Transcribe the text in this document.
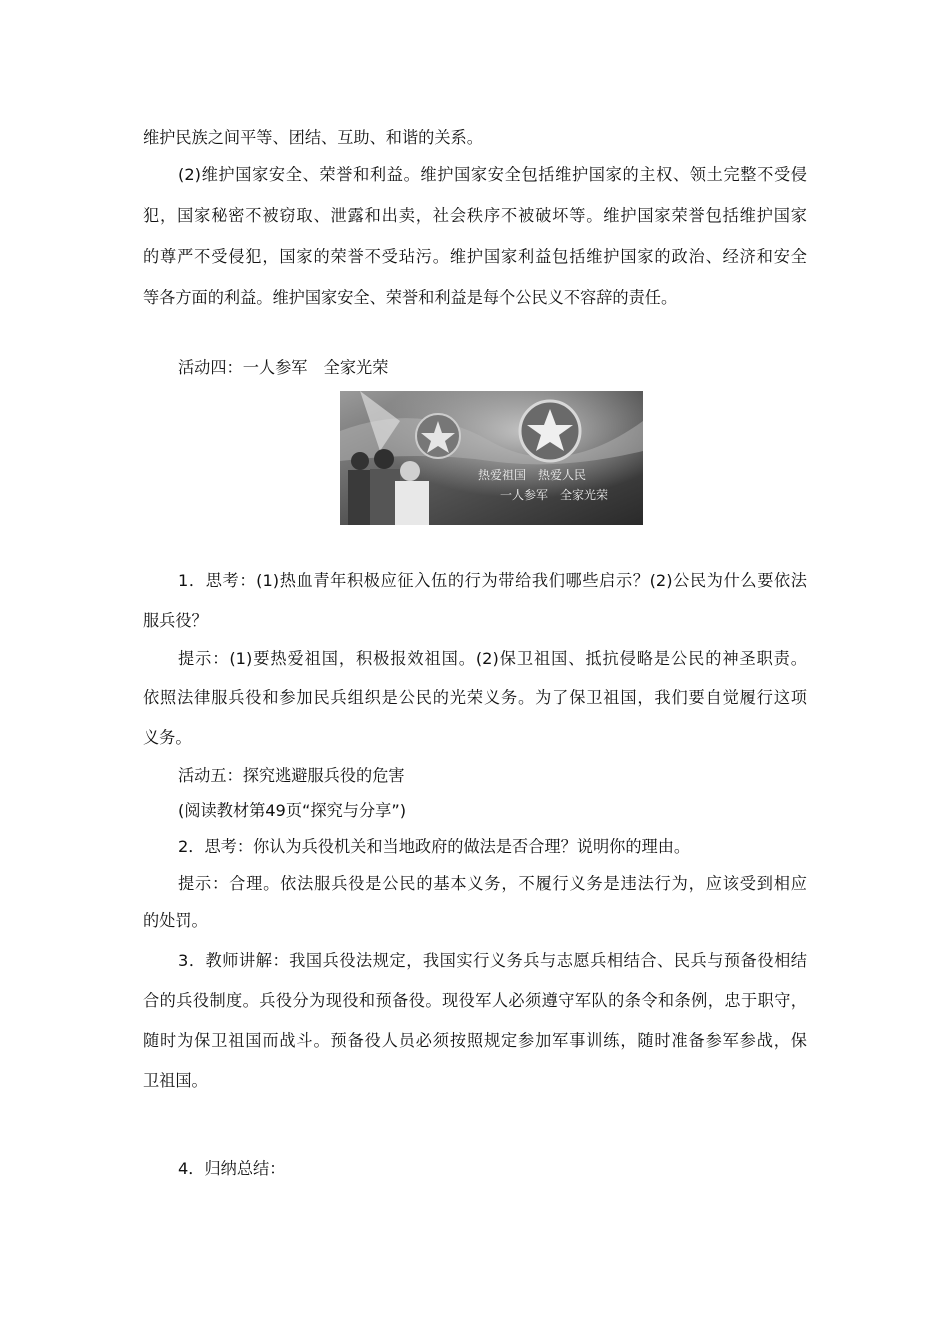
维护民族之间平等、团结、互助、和谐的关系。
(2)维护国家安全、荣誉和利益。维护国家安全包括维护国家的主权、领土完整不受侵
犯，国家秘密不被窃取、泄露和出卖，社会秩序不被破坏等。维护国家荣誉包括维护国家
的尊严不受侵犯，国家的荣誉不受玷污。维护国家利益包括维护国家的政治、经济和安全
等各方面的利益。维护国家安全、荣誉和利益是每个公民义不容辞的责任。
活动四：一人参军　全家光荣
热爱祖国　热爱人民
一人参军　全家光荣
1．思考：(1)热血青年积极应征入伍的行为带给我们哪些启示？(2)公民为什么要依法
服兵役？
提示：(1)要热爱祖国，积极报效祖国。(2)保卫祖国、抵抗侵略是公民的神圣职责。
依照法律服兵役和参加民兵组织是公民的光荣义务。为了保卫祖国，我们要自觉履行这项
义务。
活动五：探究逃避服兵役的危害
(阅读教材第49页“探究与分享”)
2．思考：你认为兵役机关和当地政府的做法是否合理？说明你的理由。
提示：合理。依法服兵役是公民的基本义务，不履行义务是违法行为，应该受到相应
的处罚。
3．教师讲解：我国兵役法规定，我国实行义务兵与志愿兵相结合、民兵与预备役相结
合的兵役制度。兵役分为现役和预备役。现役军人必须遵守军队的条令和条例，忠于职守，
随时为保卫祖国而战斗。预备役人员必须按照规定参加军事训练，随时准备参军参战，保
卫祖国。
4．归纳总结：
